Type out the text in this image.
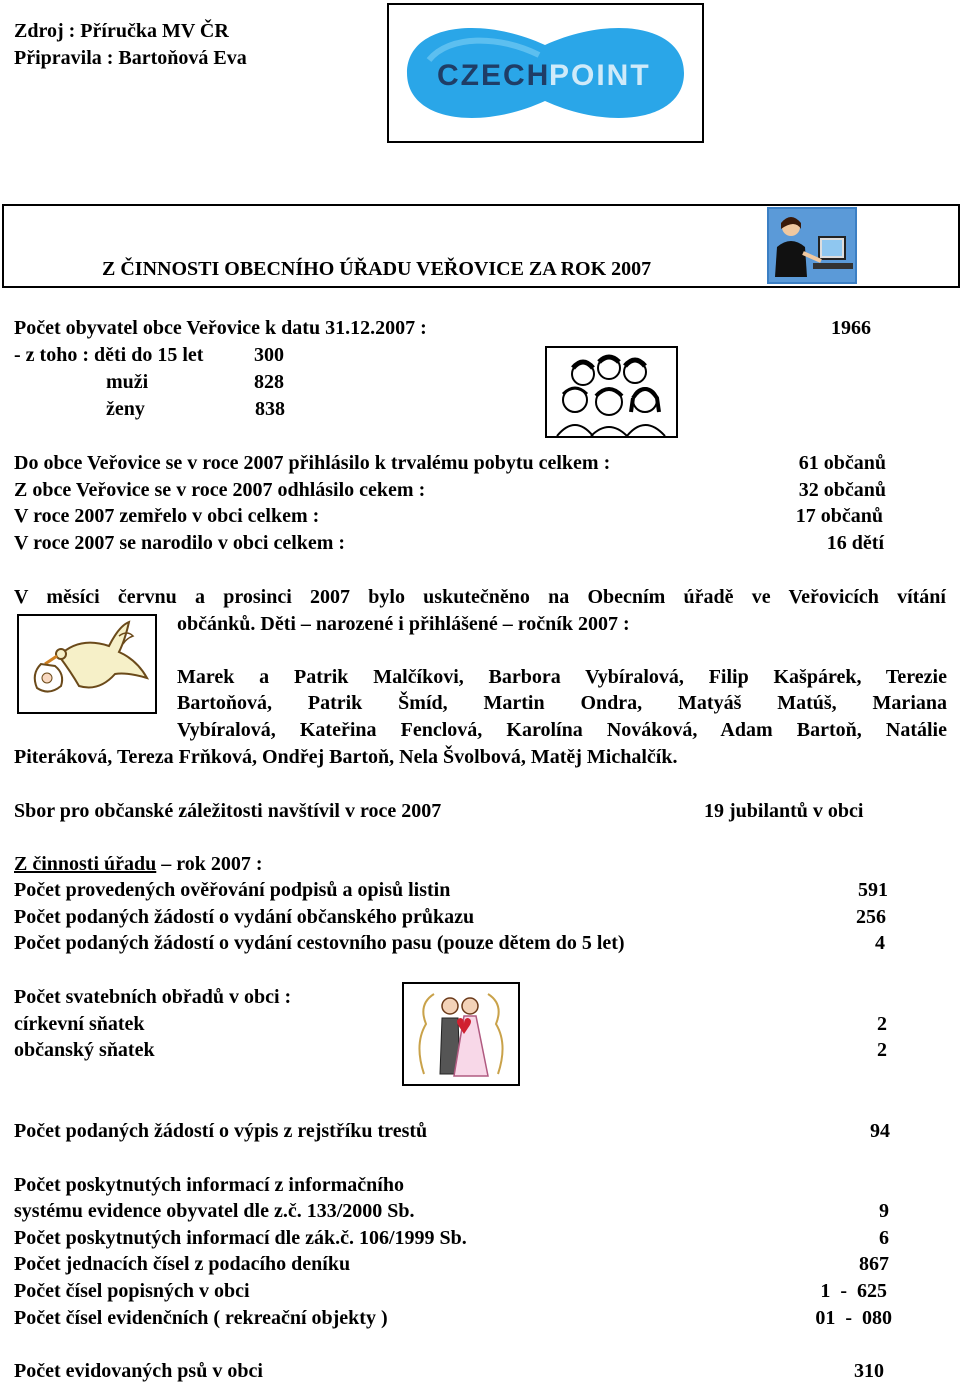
Zdroj : Příručka MV ČR
Připravila : Bartoňová Eva
CZECH
POINT
Z ČINNOSTI OBECNÍHO ÚŘADU VEŘOVICE ZA ROK 2007
Počet obyvatel obce Veřovice k datu 31.12.2007 :	1966
- z toho : děti do 15 let	300
muži	828
ženy	838
Do obce Veřovice se v roce 2007 přihlásilo k trvalému pobytu celkem :	61 občanů
Z obce Veřovice se v roce 2007 odhlásilo cekem :	32 občanů
V roce 2007 zemřelo v obci celkem :	17 občanů
V roce 2007 se narodilo v obci celkem :	16 dětí
V měsíci červnu a prosinci 2007 bylo uskutečněno na Obecním úřadě ve Veřovicích vítání
občánků. Děti – narozené i přihlášené – ročník 2007 :
Marek a Patrik Malčíkovi, Barbora Vybíralová, Filip Kašpárek, Terezie
Bartoňová, Patrik Šmíd, Martin Ondra, Matyáš Matúš, Mariana
Vybíralová, Kateřina Fenclová, Karolína Nováková, Adam Bartoň, Natálie
Piteráková, Tereza Frňková, Ondřej Bartoň, Nela Švolbová, Matěj Michalčík.
Sbor pro občanské záležitosti navštívil v roce 2007	19 jubilantů v obci
Z činnosti úřadu – rok 2007 :
Počet provedených ověřování podpisů a opisů listin	591
Počet podaných žádostí o vydání občanského průkazu	256
Počet podaných žádostí o vydání cestovního pasu (pouze dětem do 5 let)	4
Počet svatebních obřadů v obci :
církevní sňatek	2
občanský sňatek	2
Počet podaných žádostí o výpis z rejstříku trestů	94
Počet poskytnutých informací z informačního
systému evidence obyvatel dle z.č. 133/2000 Sb.	9
Počet poskytnutých informací dle zák.č. 106/1999 Sb.	6
Počet jednacích čísel z podacího deníku	867
Počet čísel popisných v obci	1  -  625
Počet čísel evidenčních ( rekreační objekty )	01  -  080
Počet evidovaných psů v obci	310
